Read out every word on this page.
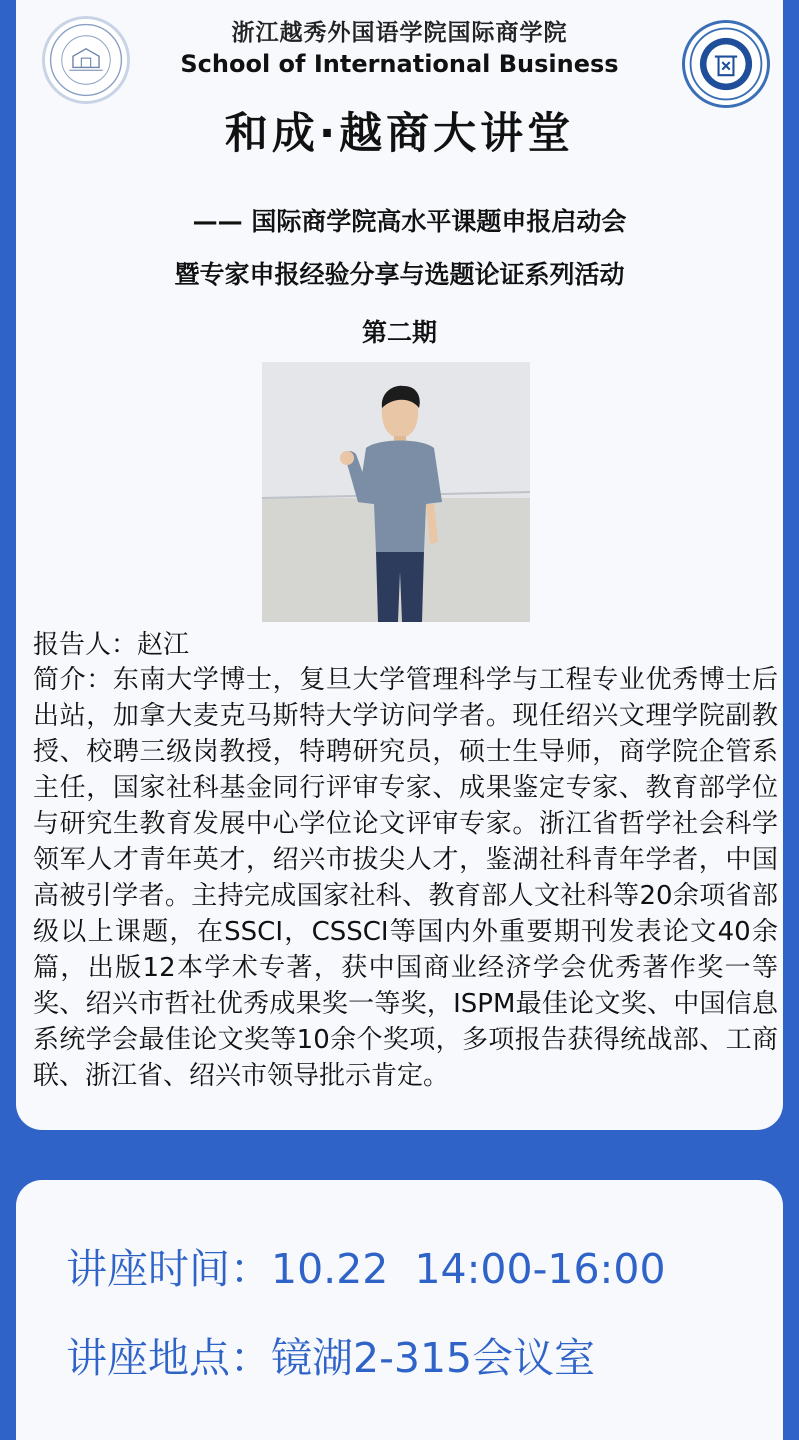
浙江越秀外国语学院国际商学院
School of International Business
和成·越商大讲堂
—— 国际商学院高水平课题申报启动会
暨专家申报经验分享与选题论证系列活动
第二期
报告人：赵江
简介：东南大学博士，复旦大学管理科学与工程专业优秀博士后出站，加拿大麦克马斯特大学访问学者。现任绍兴文理学院副教授、校聘三级岗教授，特聘研究员，硕士生导师，商学院企管系主任，国家社科基金同行评审专家、成果鉴定专家、教育部学位与研究生教育发展中心学位论文评审专家。浙江省哲学社会科学领军人才青年英才，绍兴市拔尖人才，鉴湖社科青年学者，中国高被引学者。主持完成国家社科、教育部人文社科等20余项省部级以上课题，在SSCI，CSSCI等国内外重要期刊发表论文40余篇，出版12本学术专著，获中国商业经济学会优秀著作奖一等奖、绍兴市哲社优秀成果奖一等奖，ISPM最佳论文奖、中国信息系统学会最佳论文奖等10余个奖项，多项报告获得统战部、工商联、浙江省、绍兴市领导批示肯定。
讲座时间：10.22  14:00-16:00
讲座地点：镜湖2-315会议室
